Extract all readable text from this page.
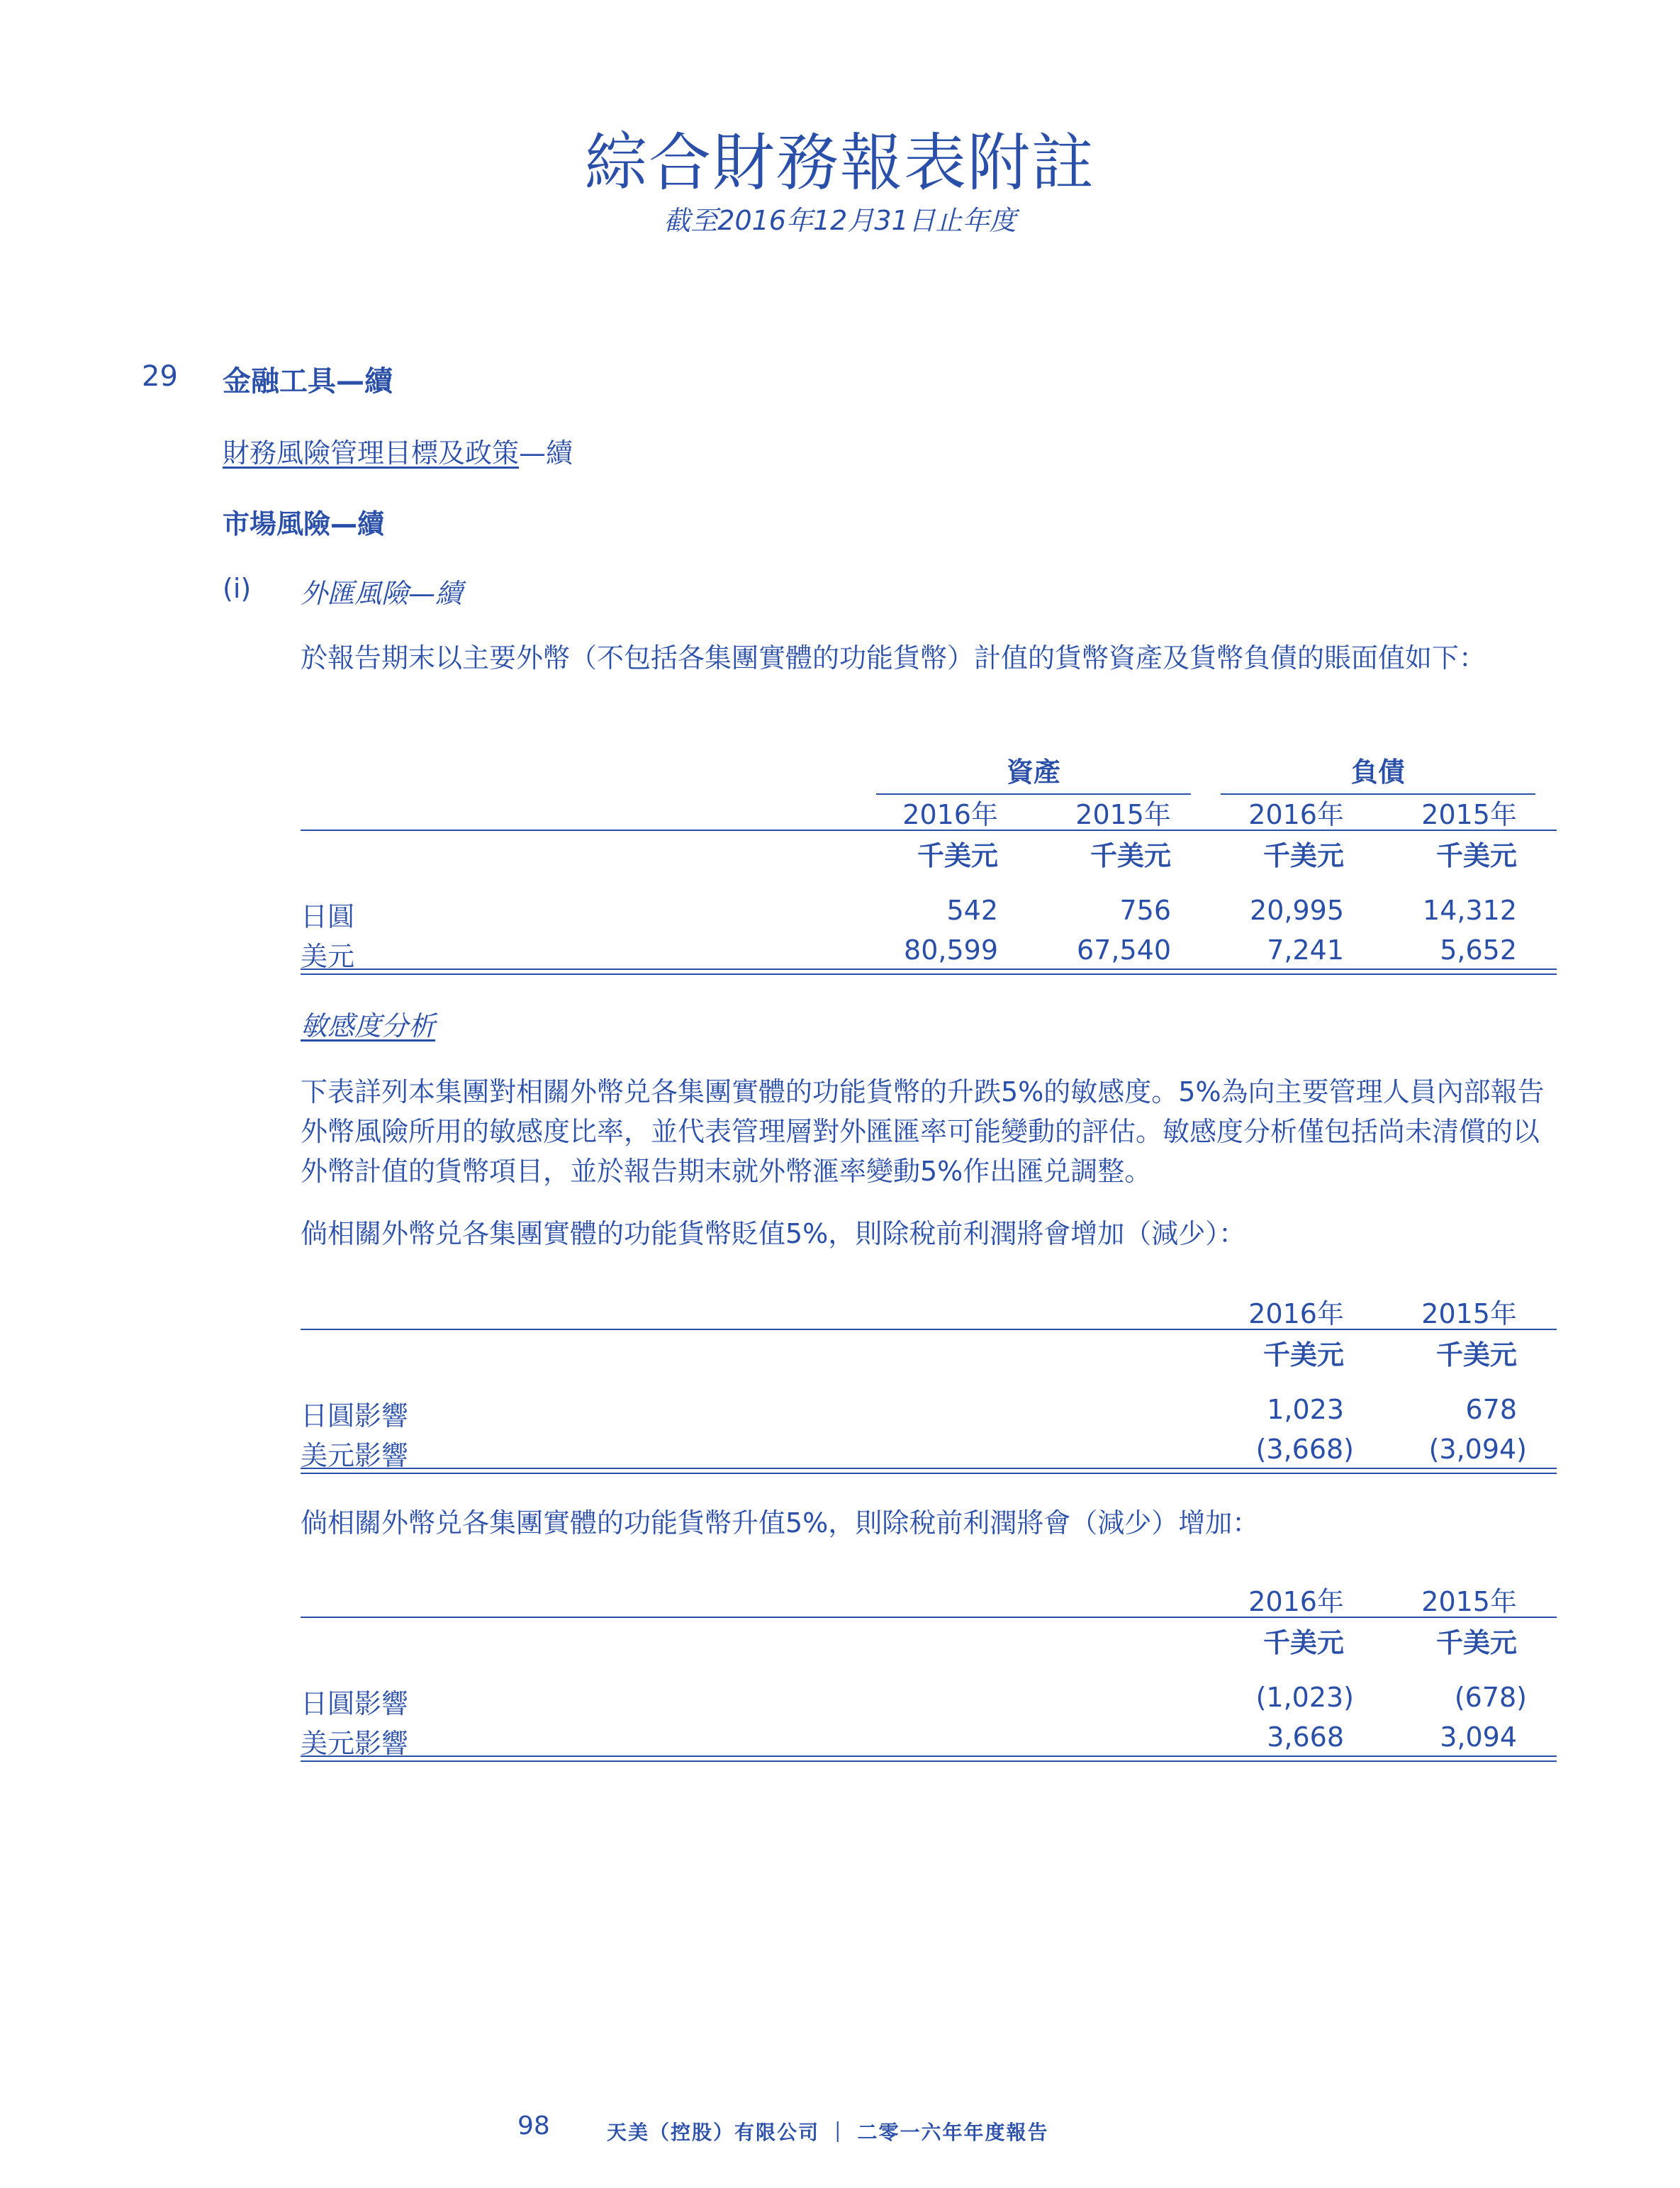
綜合財務報表附註
截至2016年12月31日止年度
29 金融工具—續
財務風險管理目標及政策—續
市場風險—續
(i) 外匯風險—續
於報告期末以主要外幣（不包括各集團實體的功能貨幣）計值的貨幣資產及貨幣負債的賬面值如下：
資產	負債
2016年	2015年	2016年	2015年
千美元	千美元	千美元	千美元
日圓	542	756	20,995	14,312
美元	80,599	67,540	7,241	5,652
敏感度分析
下表詳列本集團對相關外幣兑各集團實體的功能貨幣的升跌5%的敏感度。5%為向主要管理人員內部報告外幣風險所用的敏感度比率，並代表管理層對外匯匯率可能變動的評估。敏感度分析僅包括尚未清償的以外幣計值的貨幣項目，並於報告期末就外幣滙率變動5%作出匯兑調整。
倘相關外幣兑各集團實體的功能貨幣貶值5%，則除稅前利潤將會增加（減少）：
2016年	2015年
千美元	千美元
日圓影響	1,023	678
美元影響	(3,668)	(3,094)
倘相關外幣兑各集團實體的功能貨幣升值5%，則除稅前利潤將會（減少）增加：
2016年	2015年
千美元	千美元
日圓影響	(1,023)	(678)
美元影響	3,668	3,094
98	天美（控股）有限公司 ｜ 二零一六年年度報告
